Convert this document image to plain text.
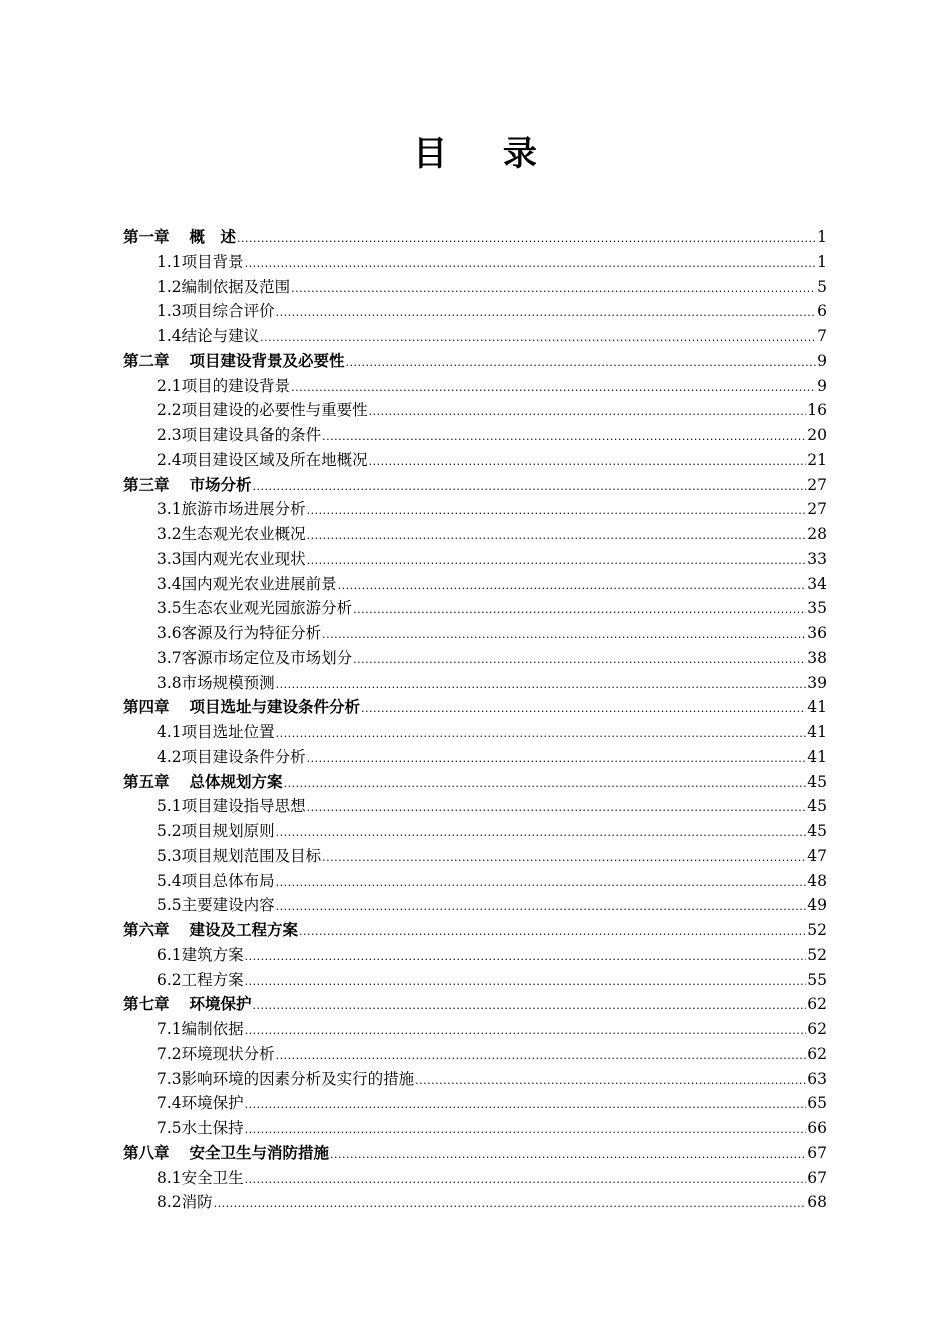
目 录
第一章 概　述 .....	1
1.1项目背景 .....	1
1.2编制依据及范围 .....	5
1.3项目综合评价 .....	6
1.4结论与建议 .....	7
第二章 项目建设背景及必要性 .....	9
2.1项目的建设背景 .....	9
2.2项目建设的必要性与重要性 .....	16
2.3项目建设具备的条件 .....	20
2.4项目建设区域及所在地概况 .....	21
第三章 市场分析 .....	27
3.1旅游市场进展分析 .....	27
3.2生态观光农业概况 .....	28
3.3国内观光农业现状 .....	33
3.4国内观光农业进展前景 .....	34
3.5生态农业观光园旅游分析 .....	35
3.6客源及行为特征分析 .....	36
3.7客源市场定位及市场划分 .....	38
3.8市场规模预测 .....	39
第四章 项目选址与建设条件分析 .....	41
4.1项目选址位置 .....	41
4.2项目建设条件分析 .....	41
第五章 总体规划方案 .....	45
5.1项目建设指导思想 .....	45
5.2项目规划原则 .....	45
5.3项目规划范围及目标 .....	47
5.4项目总体布局 .....	48
5.5主要建设内容 .....	49
第六章 建设及工程方案 .....	52
6.1建筑方案 .....	52
6.2工程方案 .....	55
第七章 环境保护 .....	62
7.1编制依据 .....	62
7.2环境现状分析 .....	62
7.3影响环境的因素分析及实行的措施 .....	63
7.4环境保护 .....	65
7.5水土保持 .....	66
第八章 安全卫生与消防措施 .....	67
8.1安全卫生 .....	67
8.2消防 .....	68
